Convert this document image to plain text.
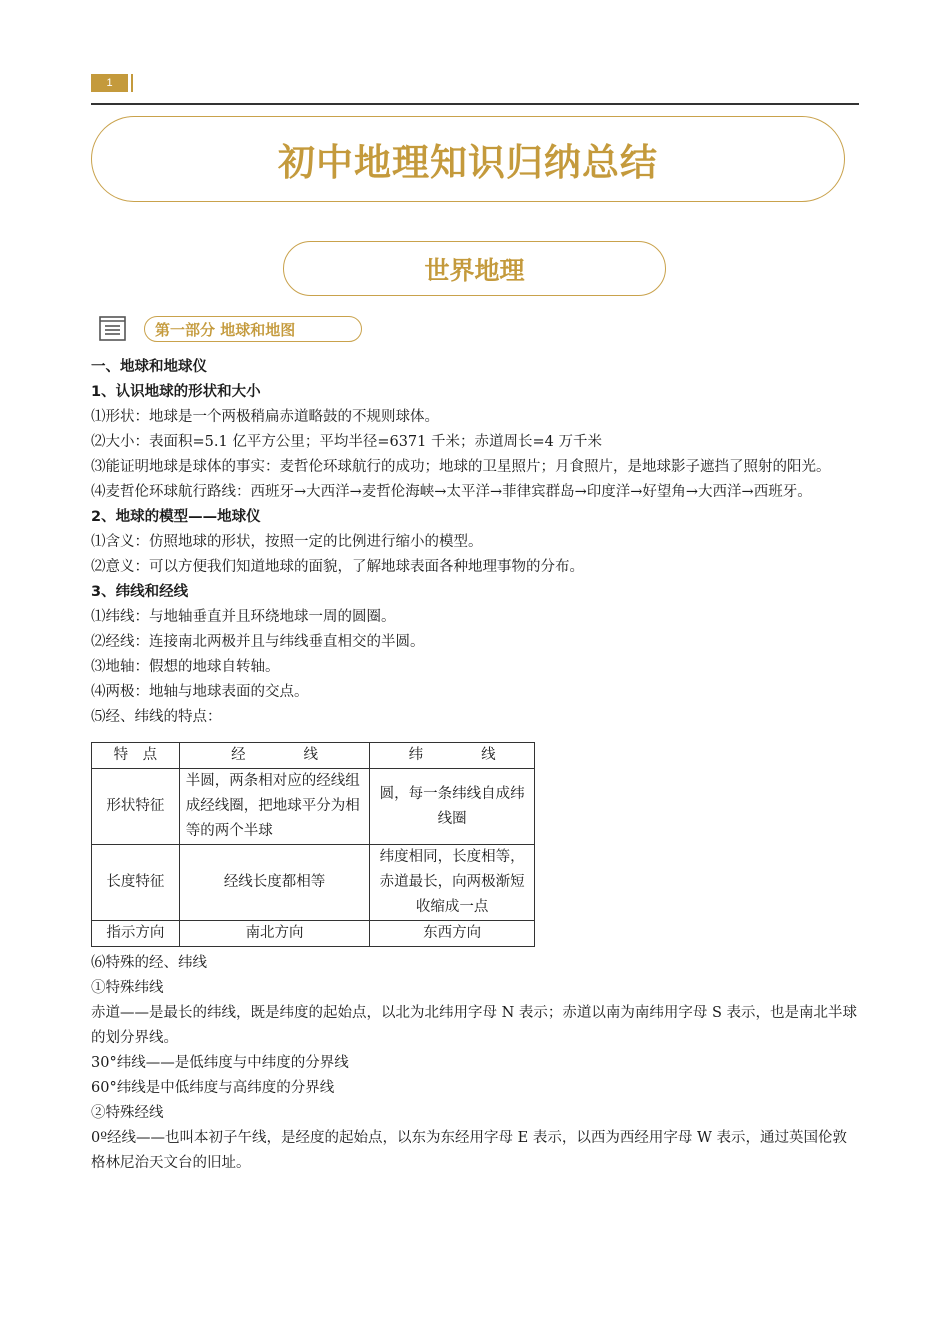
1
初中地理知识归纳总结
世界地理
第一部分 地球和地图

一、地球和地球仪

1、认识地球的形状和大小

⑴形状：地球是一个两极稍扁赤道略鼓的不规则球体。

⑵大小：表面积=5.1 亿平方公里；平均半径=6371 千米；赤道周长=4 万千米

⑶能证明地球是球体的事实：麦哲伦环球航行的成功；地球的卫星照片；月食照片，是地球影子遮挡了照射的阳光。

⑷麦哲伦环球航行路线：西班牙→大西洋→麦哲伦海峡→太平洋→菲律宾群岛→印度洋→好望角→大西洋→西班牙。

2、地球的模型——地球仪

⑴含义：仿照地球的形状，按照一定的比例进行缩小的模型。

⑵意义：可以方便我们知道地球的面貌，了解地球表面各种地理事物的分布。

3、纬线和经线

⑴纬线：与地轴垂直并且环绕地球一周的圆圈。

⑵经线：连接南北两极并且与纬线垂直相交的半圆。

⑶地轴：假想的地球自转轴。

⑷两极：地轴与地球表面的交点。

⑸经、纬线的特点：

特　点	经　　　　线	纬　　　　线
形状特征	半圆，两条相对应的经线组成经线圈，把地球平分为相等的两个半球	圆，每一条纬线自成纬线圈
长度特征	经线长度都相等	纬度相同，长度相等，赤道最长，向两极渐短收缩成一点
指示方向	南北方向	东西方向

⑹特殊的经、纬线

①特殊纬线

赤道——是最长的纬线，既是纬度的起始点，以北为北纬用字母 N 表示；赤道以南为南纬用字母 S 表示，也是南北半球的划分界线。

30°纬线——是低纬度与中纬度的分界线

60°纬线是中低纬度与高纬度的分界线

②特殊经线

0º经线——也叫本初子午线，是经度的起始点，以东为东经用字母 E 表示，以西为西经用字母 W 表示，通过英国伦敦格林尼治天文台的旧址。
